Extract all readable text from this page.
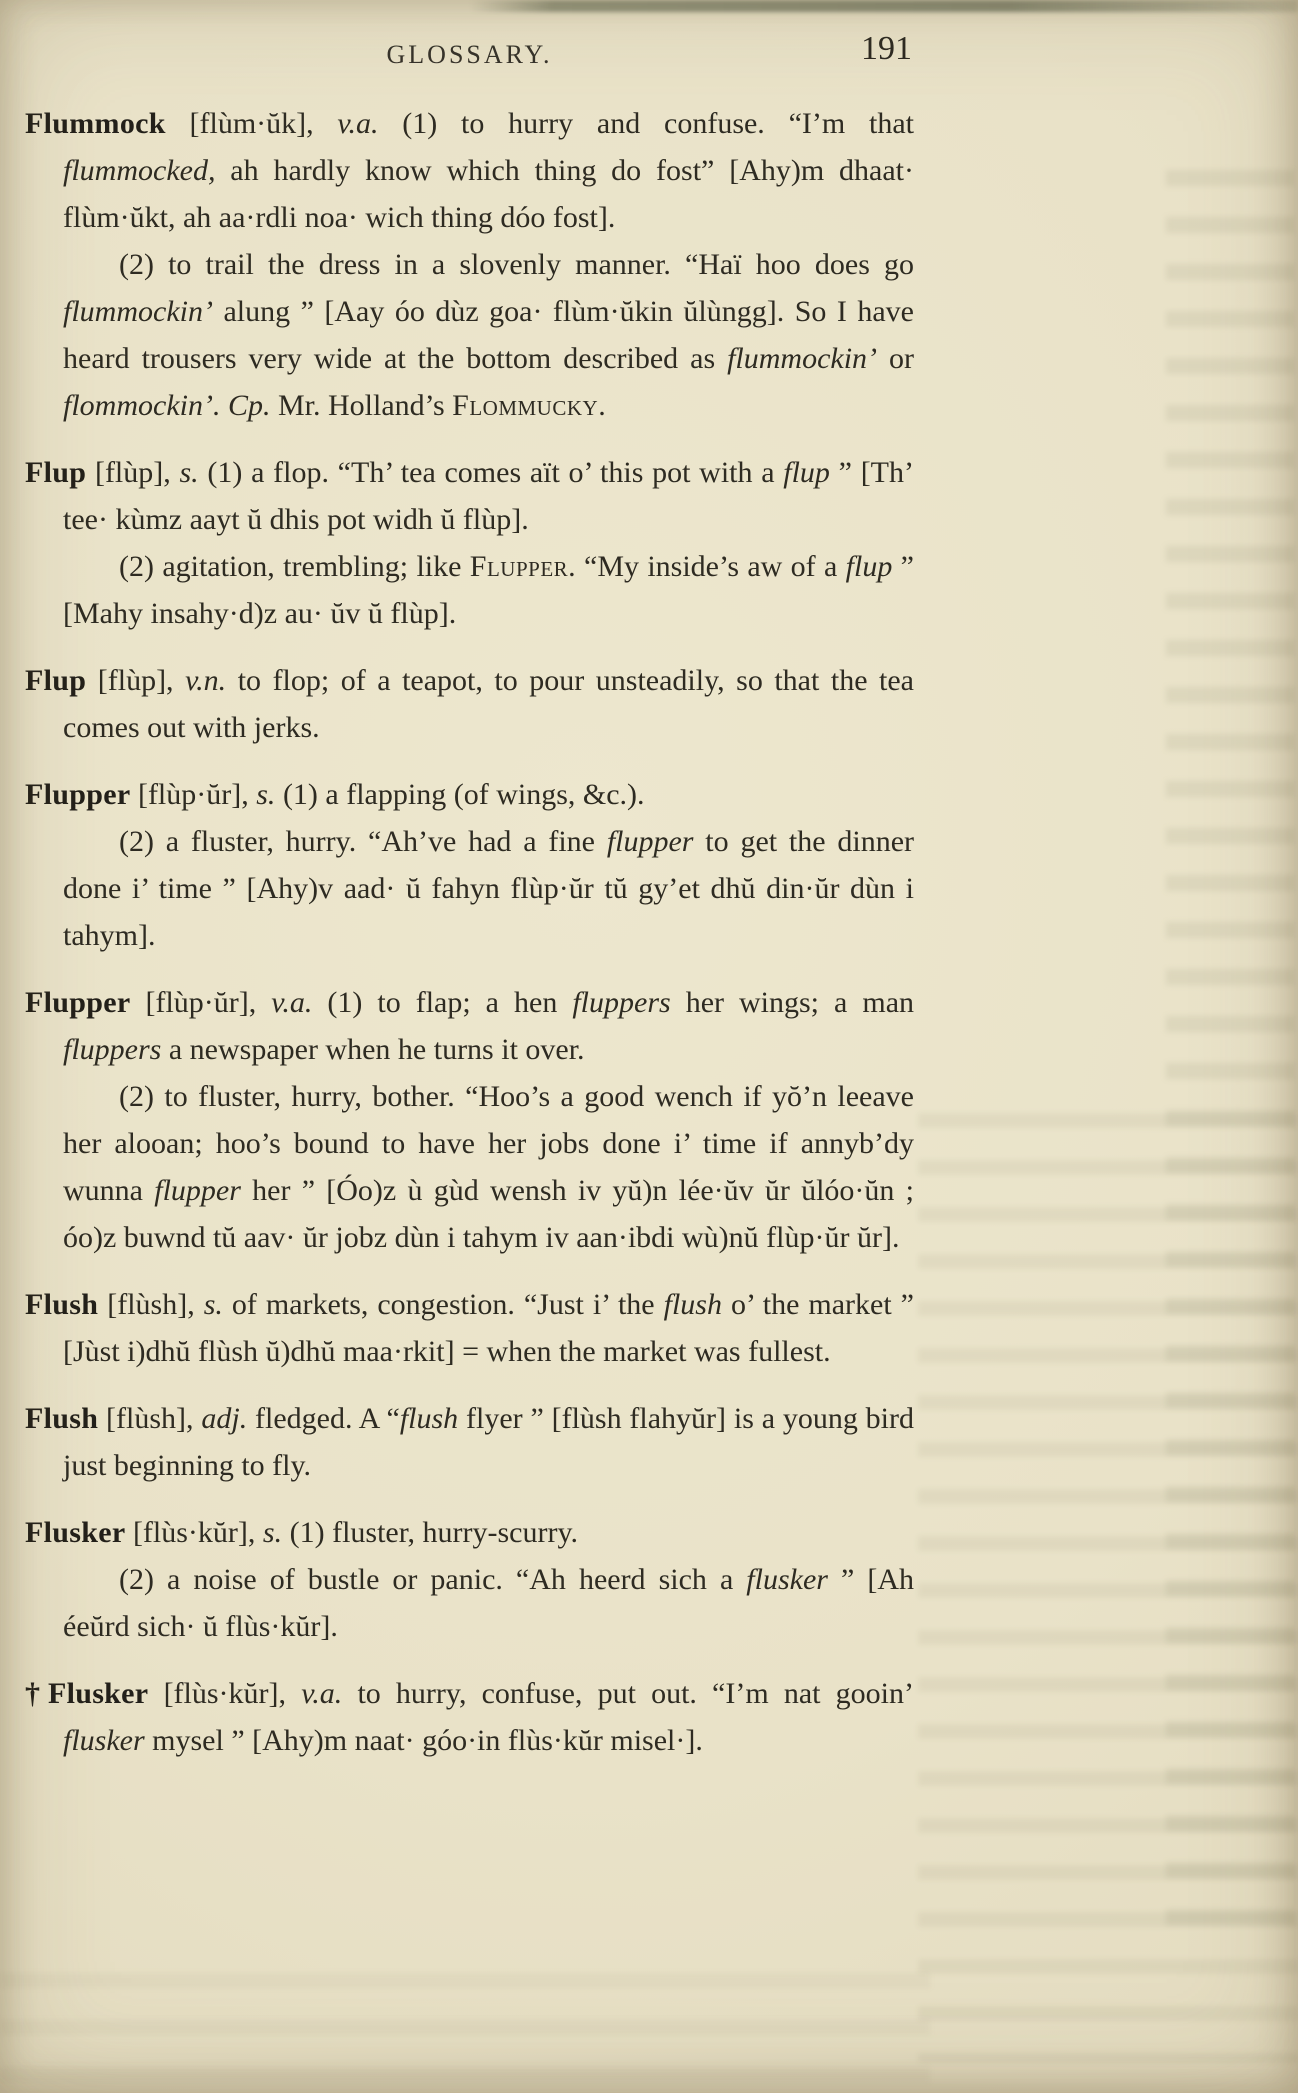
GLOSSARY.	191

Flummock [flùm·ŭk], v.a. (1) to hurry and confuse. “I’m that flummocked, ah hardly know which thing do fost” [Ahy)m dhaat· flùm·ŭkt, ah aa·rdli noa· wich thing dóo fost].

(2) to trail the dress in a slovenly manner. “Haï hoo does go flummockin’ alung ” [Aay óo dùz goa· flùm·ŭkin ŭlùngg]. So I have heard trousers very wide at the bottom described as flummockin’ or flommockin’. Cp. Mr. Holland’s Flommucky.

Flup [flùp], s. (1) a flop. “Th’ tea comes aït o’ this pot with a flup ” [Th’ tee· kùmz aayt ŭ dhis pot widh ŭ flùp].

(2) agitation, trembling; like Flupper. “My inside’s aw of a flup ” [Mahy insahy·d)z au· ŭv ŭ flùp].

Flup [flùp], v.n. to flop; of a teapot, to pour unsteadily, so that the tea comes out with jerks.

Flupper [flùp·ŭr], s. (1) a flapping (of wings, &c.).

(2) a fluster, hurry. “Ah’ve had a fine flupper to get the dinner done i’ time ” [Ahy)v aad· ŭ fahyn flùp·ŭr tŭ gy’et dhŭ din·ŭr dùn i tahym].

Flupper [flùp·ŭr], v.a. (1) to flap; a hen fluppers her wings; a man fluppers a newspaper when he turns it over.

(2) to fluster, hurry, bother. “Hoo’s a good wench if yŏ’n leeave her alooan; hoo’s bound to have her jobs done i’ time if annyb’dy wunna flupper her ” [Óo)z ù gùd wensh iv yŭ)n lée·ŭv ŭr ŭlóo·ŭn ; óo)z buwnd tŭ aav· ŭr jobz dùn i tahym iv aan·ibdi wù)nŭ flùp·ŭr ŭr].

Flush [flùsh], s. of markets, congestion. “Just i’ the flush o’ the market ” [Jùst i)dhŭ flùsh ŭ)dhŭ maa·rkit] = when the market was fullest.

Flush [flùsh], adj. fledged. A “flush flyer ” [flùsh flahyŭr] is a young bird just beginning to fly.

Flusker [flùs·kŭr], s. (1) fluster, hurry-scurry.

(2) a noise of bustle or panic. “Ah heerd sich a flusker ” [Ah éeŭrd sich· ŭ flùs·kŭr].

†Flusker [flùs·kŭr], v.a. to hurry, confuse, put out. “I’m nat gooin’ flusker mysel ” [Ahy)m naat· góo·in flùs·kŭr misel·].
